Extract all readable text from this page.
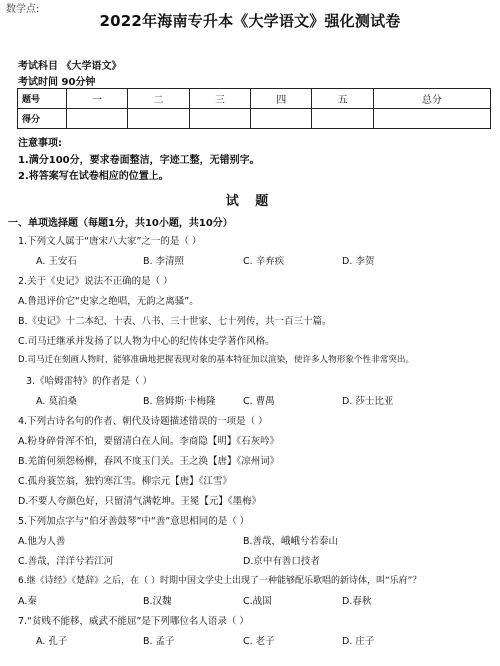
数学点:
2022年海南专升本《大学语文》强化测试卷
考试科目 《大学语文》
考试时间 90分钟
题号	一	二	三	四	五	总分
得分						
注意事项:
1.满分100分，要求卷面整洁，字迹工整，无错别字。
2.将答案写在试卷相应的位置上。
试 题
一、单项选择题（每题1分，共10小题，共10分）
1.下列文人属于“唐宋八大家”之一的是（ ）
A. 王安石	B. 李清照	C. 辛弃疾	D. 李贺
2.关于《史记》说法不正确的是（ ）
A.鲁迅评价它“史家之绝唱，无韵之离骚”。
B.《史记》十二本纪、十表、八书、三十世家、七十列传，共一百三十篇。
C.司马迁继承并发扬了以人物为中心的纪传体史学著作风格。
D.司马迁在刻画人物时，能够准确地把握表现对象的基本特征加以渲染，使许多人物形象个性非常突出。
3.《哈姆雷特》的作者是（ ）
A. 莫泊桑	B. 詹姆斯·卡梅隆	C. 曹禺	D. 莎士比亚
4.下列古诗名句的作者、朝代及诗题描述错误的一项是（ ）
A.粉身碎骨浑不怕，要留清白在人间。李商隐【明】《石灰吟》
B.羌笛何须怨杨柳，春风不度玉门关。王之涣【唐】《凉州词》
C.孤舟蓑笠翁，独钓寒江雪。柳宗元【唐】《江雪》
D.不要人夸颜色好，只留清气满乾坤。王冕【元】《墨梅》
5.下列加点字与“伯牙善鼓琴”中“善”意思相同的是（ ）
A.他为人善	B.善哉，峨峨兮若泰山
C.善哉，洋洋兮若江河	D.京中有善口技者
6.继《诗经》《楚辞》之后，在（ ）时期中国文学史上出现了一种能够配乐歌唱的新诗体，叫“乐府”？
A.秦	B.汉魏	C.战国	D.春秋
7.“贫贱不能移，威武不能屈”是下列哪位名人语录（ ）
A. 孔子	B. 孟子	C. 老子	D. 庄子
